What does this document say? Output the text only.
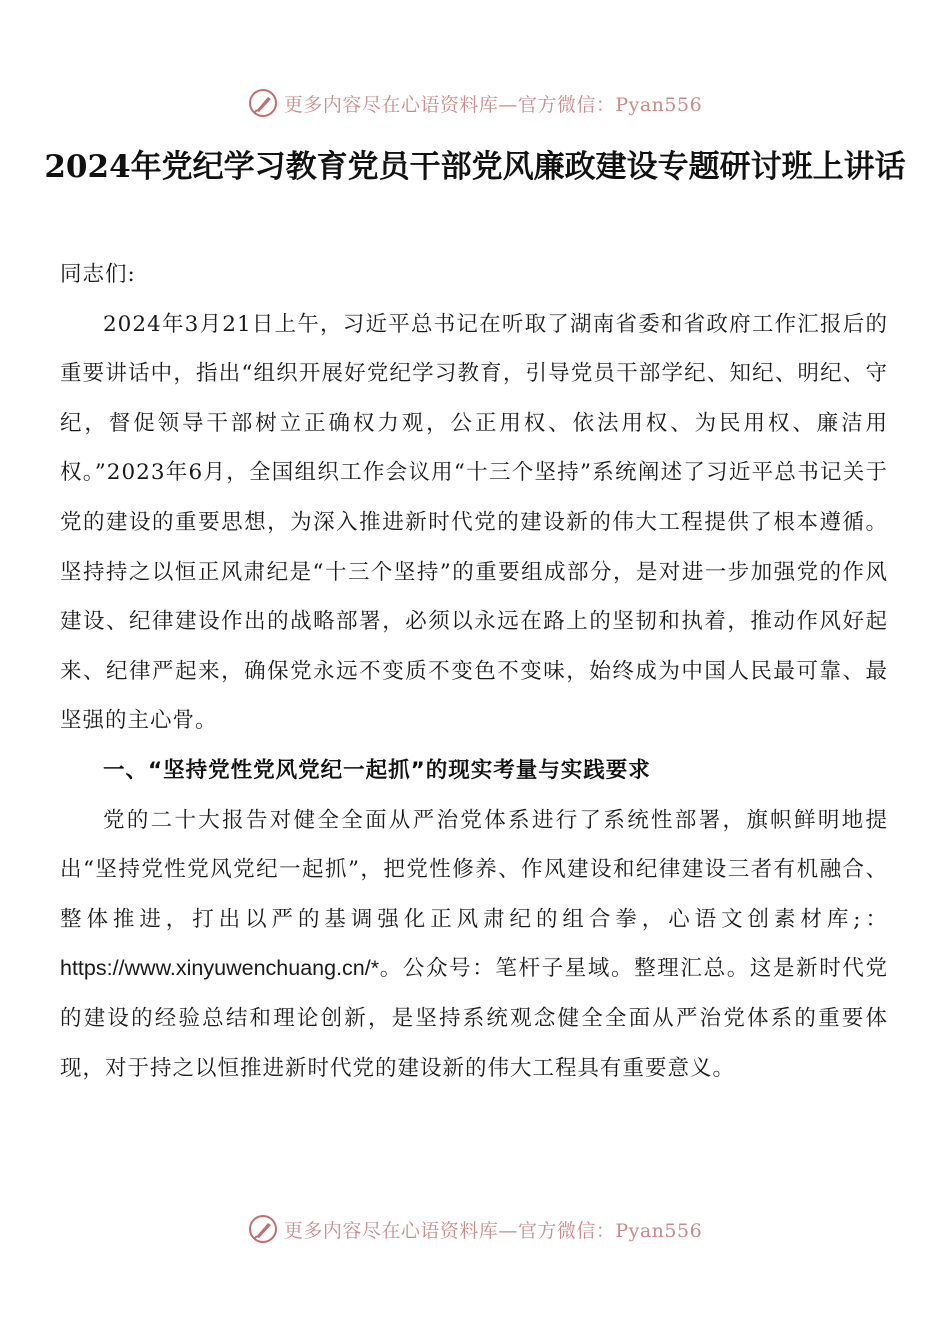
更多内容尽在心语资料库—官方微信：Pyan556
2024年党纪学习教育党员干部党风廉政建设专题研讨班上讲话

同志们:

2024年3月21日上午，习近平总书记在听取了湖南省委和省政府工作汇报后的重要讲话中，指出“组织开展好党纪学习教育，引导党员干部学纪、知纪、明纪、守纪，督促领导干部树立正确权力观，公正用权、依法用权、为民用权、廉洁用权。”2023年6月，全国组织工作会议用“十三个坚持”系统阐述了习近平总书记关于党的建设的重要思想，为深入推进新时代党的建设新的伟大工程提供了根本遵循。坚持持之以恒正风肃纪是“十三个坚持”的重要组成部分，是对进一步加强党的作风建设、纪律建设作出的战略部署，必须以永远在路上的坚韧和执着，推动作风好起来、纪律严起来，确保党永远不变质不变色不变味，始终成为中国人民最可靠、最坚强的主心骨。

一、“坚持党性党风党纪一起抓”的现实考量与实践要求

党的二十大报告对健全全面从严治党体系进行了系统性部署，旗帜鲜明地提出“坚持党性党风党纪一起抓”，把党性修养、作风建设和纪律建设三者有机融合、整体推进，打出以严的基调强化正风肃纪的组合拳，心语文创素材库;：https://www.xinyuwenchuang.cn/*。公众号：笔杆子星域。整理汇总。这是新时代党的建设的经验总结和理论创新，是坚持系统观念健全全面从严治党体系的重要体现，对于持之以恒推进新时代党的建设新的伟大工程具有重要意义。

更多内容尽在心语资料库—官方微信：Pyan556
